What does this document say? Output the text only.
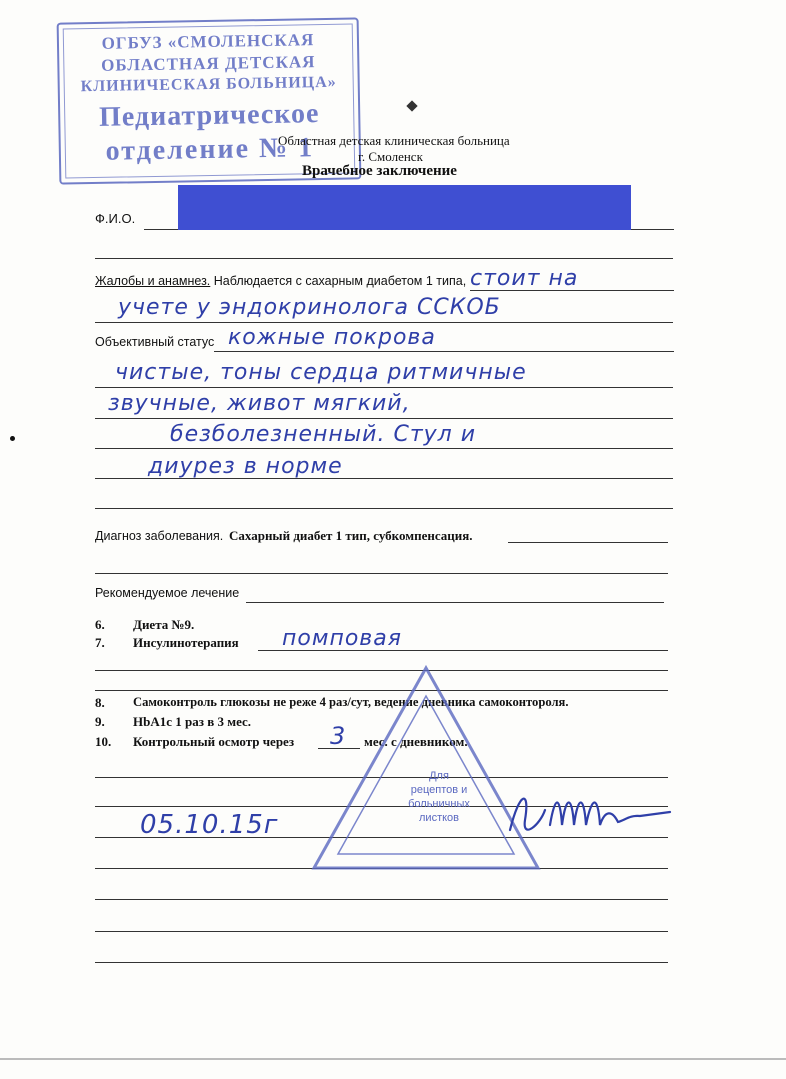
ОГБУЗ «СМОЛЕНСКАЯ
ОБЛАСТНАЯ ДЕТСКАЯ
КЛИНИЧЕСКАЯ БОЛЬНИЦА»
Педиатрическое
отделение № 1
Областная детская клиническая больница
г. Смоленск
Врачебное заключение
Ф.И.О.
Жалобы и анамнез. Наблюдается с сахарным диабетом 1 типа, стоит на
учете у эндокринолога ССКОБ
Объективный статус кожные покрова
чистые, тоны сердца ритмичные
звучные, живот мягкий,
безболезненный. Стул и
диурез в норме
Диагноз заболевания. Сахарный диабет 1 тип, субкомпенсация.
Рекомендуемое лечение
6. Диета №9.
7. Инсулинотерапия помповая
8. Самоконтроль глюкозы не реже 4 раз/сут, ведение дневника самоконтороля.
9. HbA1c 1 раз в 3 мес.
10. Контрольный осмотр через 3 мес. с дневником.
05.10.15г
Для
рецептов и
больничных
листков
